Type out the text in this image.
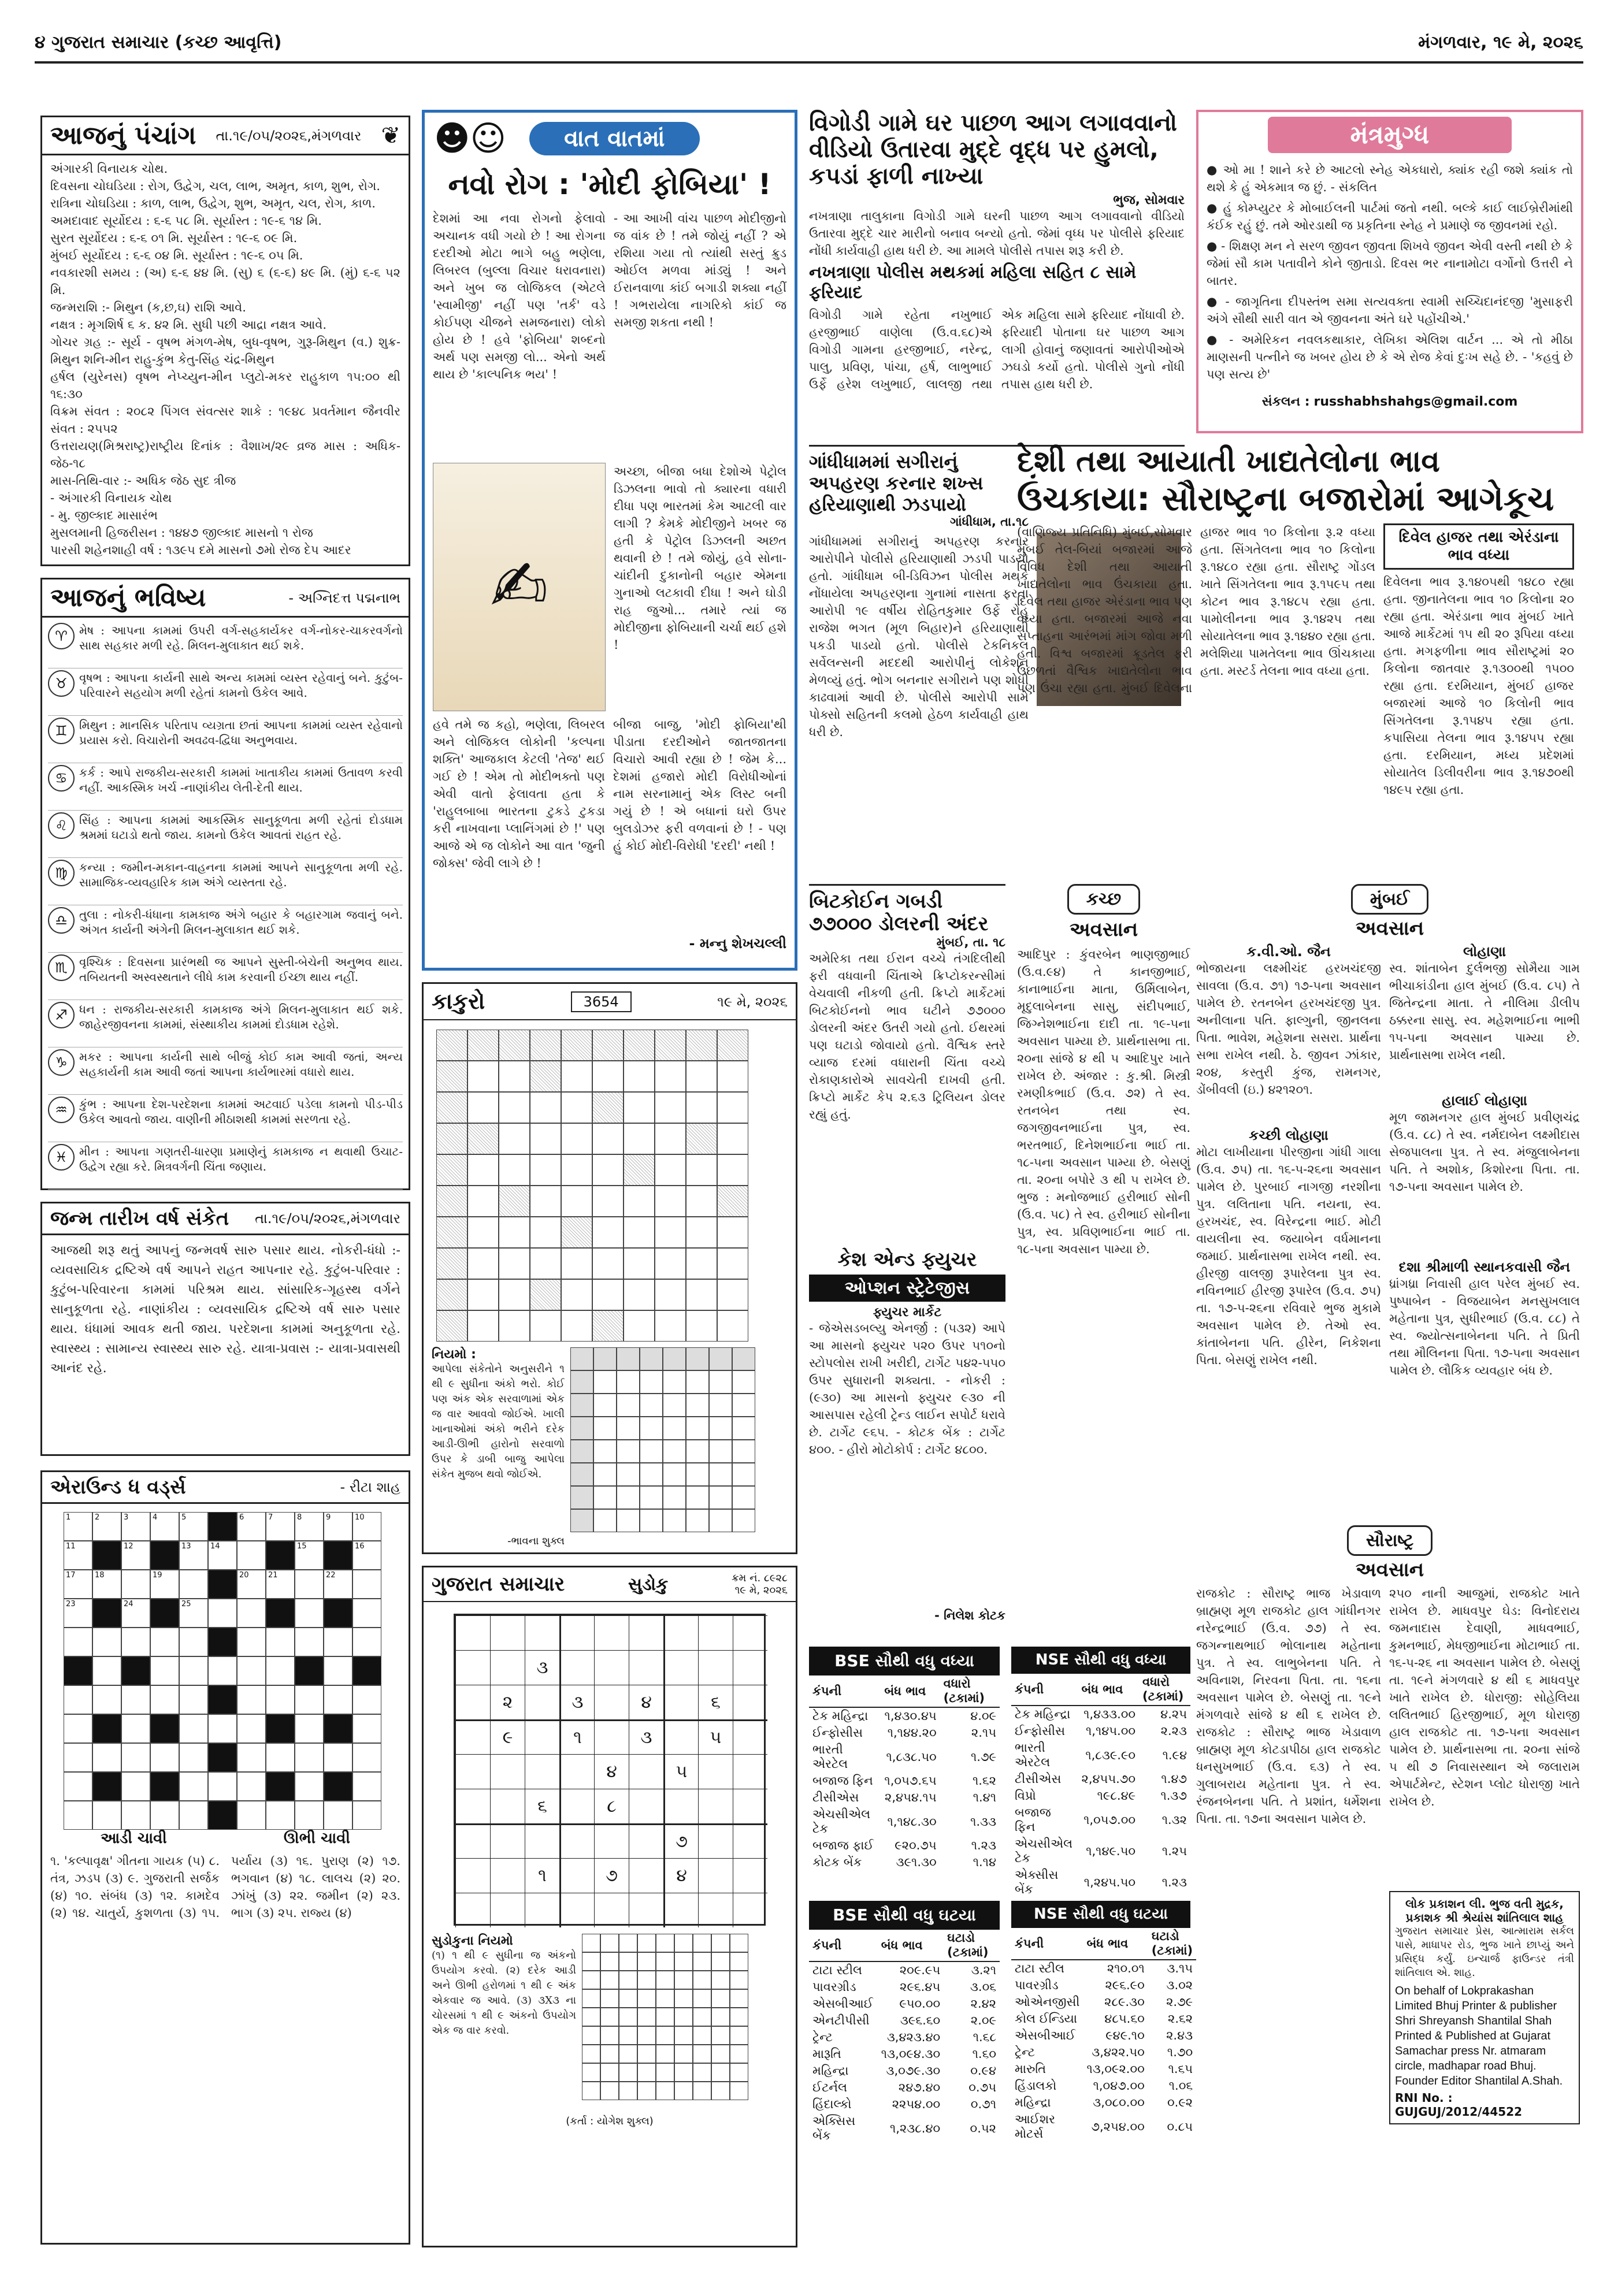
૪ ગુજરાત સમાચાર (કચ્છ આવૃત્તિ)	મંગળવાર, ૧૯ મે, ૨૦૨૬
આજનું પંચાંગ તા.૧૯/૦૫/૨૦૨૬,મંગળવાર ❦
અંગારકી વિનાયક ચોથ.
દિવસના ચોઘડિયા : રોગ, ઉદ્વેગ, ચલ, લાભ, અમૃત, કાળ, શુભ, રોગ.
રાત્રિના ચોઘડિયા : કાળ, લાભ, ઉદ્વેગ, શુભ, અમૃત, ચલ, રોગ, કાળ.
અમદાવાદ સૂર્યોદય : ૬-૬ ૫૮ મિ. સૂર્યાસ્ત : ૧૯-૬ ૧૪ મિ.
સુરત સૂર્યોદય : ૬-૬ ૦૧ મિ. સૂર્યાસ્ત : ૧૯-૬ ૦૯ મિ.
મુંબઈ સૂર્યોદય : ૬-૬ ૦૪ મિ. સૂર્યાસ્ત : ૧૯-૬ ૦૫ મિ.
નવકારશી સમય : (અ) ૬-૬ ૪૪ મિ. (સુ) ૬ (૬-૬) ૪૯ મિ. (મું) ૬-૬ ૫૨ મિ.
જન્મરાશિ :- મિથુન (ક,છ,ઘ) રાશિ આવે.
નક્ષત્ર : મૃગશિર્ષ ૬ ક. ૪૨ મિ. સુધી પછી આદ્રા નક્ષત્ર આવે.
ગોચર ગ્રહ :- સૂર્ય - વૃષભ મંગળ-મેષ, બુધ-વૃષભ, ગુરૂ-મિથુન (વ.) શુક્ર-મિથુન શનિ-મીન રાહુ-કુંભ કેતુ-સિંહ ચંદ્ર-મિથુન
હર્ષલ (યુરેનસ) વૃષભ નેપ્ચ્યુન-મીન પ્લુટો-મકર રાહુકાળ ૧૫:૦૦ થી ૧૬:૩૦
વિક્રમ સંવત : ૨૦૮૨ પિંગલ સંવત્સર શાકે : ૧૯૪૮ પ્રવર્તમાન જૈનવીર સંવત : ૨૫૫૨
ઉત્તરાયણ(મિશ્રરાષ્ટ્ર)રાષ્ટ્રીય દિનાંક : વૈશાખ/૨૯ વ્રજ માસ : અધિક-જેઠ-૧૮
માસ-તિથિ-વાર :- અધિક જેઠ સુદ ત્રીજ
- અંગારકી વિનાયક ચોથ
- મુ. જીલ્કાદ માસારંભ
મુસલમાની હિજરીસન : ૧૪૪૭ જીલ્કાદ માસનો ૧ રોજ
પારસી શહેનશાહી વર્ષ : ૧૩૯૫ દમે માસનો ૭મો રોજ દેપ આદર
આજનું ભવિષ્ય	- અગ્નિદત્ત પદ્મનાભ
♈	મેષ : આપના કામમાં ઉપરી વર્ગ-સહકાર્યકર વર્ગ-નોકર-ચાકરવર્ગનો સાથ સહકાર મળી રહે. મિલન-મુલાકાત થઈ શકે.
♉	વૃષભ : આપના કાર્યની સાથે અન્ય કામમાં વ્યસ્ત રહેવાનું બને. કુટુંબ-પરિવારને સહયોગ મળી રહેતાં કામનો ઉકેલ આવે.
♊	મિથુન : માનસિક પરિતાપ વ્યગ્રતા છતાં આપના કામમાં વ્યસ્ત રહેવાનો પ્રયાસ કરો. વિચારોની અવઢવ-દ્વિધા અનુભવાય.
♋	કર્ક : આપે રાજકીય-સરકારી કામમાં ખાતાકીય કામમાં ઉતાવળ કરવી નહીં. આકસ્મિક ખર્ચ -નાણાંકીય લેતી-દેતી થાય.
♌	સિંહ : આપના કામમાં આકસ્મિક સાનુકૂળતા મળી રહેતાં દોડધામ શ્રમમાં ઘટાડો થતો જાય. કામનો ઉકેલ આવતાં રાહત રહે.
♍	કન્યા : જમીન-મકાન-વાહનના કામમાં આપને સાનુકૂળતા મળી રહે. સામાજિક-વ્યવહારિક કામ અંગે વ્યસ્તતા રહે.
♎	તુલા : નોકરી-ધંધાના કામકાજ અંગે બહાર કે બહારગામ જવાનું બને. અંગત કાર્યની અંગેની મિલન-મુલાકાત થઈ શકે.
♏	વૃશ્ચિક : દિવસના પ્રારંભથી જ આપને સુસ્તી-બેચેની અનુભવ થાય. તબિયતની અસ્વસ્થતાને લીધે કામ કરવાની ઈચ્છા થાય નહીં.
♐	ધન : રાજકીય-સરકારી કામકાજ અંગે મિલન-મુલાકાત થઈ શકે. જાહેરજીવનના કામમાં, સંસ્થાકીય કામમાં દોડધામ રહેશે.
♑	મકર : આપના કાર્યની સાથે બીજું કોઈ કામ આવી જતાં, અન્ય સહકાર્યની કામ આવી જતાં આપના કાર્યભારમાં વધારો થાય.
♒	કુંભ : આપના દેશ-પરદેશના કામમાં અટવાઈ પડેલા કામનો પીડ-પીડ ઉકેલ આવતો જાય. વાણીની મીઠાશથી કામમાં સરળતા રહે.
♓	મીન : આપના ગણતરી-ધારણા પ્રમાણેનું કામકાજ ન થવાથી ઉચાટ-ઉદ્વેગ રહ્યા કરે. મિત્રવર્ગની ચિંતા જણાય.
જન્મ તારીખ વર્ષ સંકેત તા.૧૯/૦૫/૨૦૨૬,મંગળવાર
આજથી શરૂ થતું આપનું જન્મવર્ષ સારુ પસાર થાય. નોકરી-ધંધો :- વ્યવસાયિક દ્રષ્ટિએ વર્ષ આપને રાહત આપનાર રહે. કુટુંબ-પરિવાર : કુટુંબ-પરિવારના કામમાં પરિશ્રમ થાય. સાંસારિક-ગૃહસ્થ વર્ગને સાનુકૂળતા રહે. નાણાંકીય : વ્યવસાયિક દ્રષ્ટિએ વર્ષ સારુ પસાર થાય. ધંધામાં આવક થતી જાય. પરદેશના કામમાં અનુકૂળતા રહે. સ્વાસ્થ્ય : સામાન્ય સ્વાસ્થ્ય સારુ રહે. યાત્રા-પ્રવાસ :- યાત્રા-પ્રવાસથી આનંદ રહે.
એરાઉન્ડ ધ વર્ડ્સ	- રીટા શાહ
1	2	3	4	5	6	7	8	9	10
11	12	13	14	15	16
17	18	19	20	21	22
23	24	25
આડી ચાવી	ઊભી ચાવી
૧. 'કલ્પાવૃક્ષ' ગીતના ગાયક (૫) ૮. તંત્ર, ઝડપ (૩) ૯. ગુજરાતી સર્જક (૪) ૧૦. સંબંધ (૩) ૧૨. કામદેવ (૨) ૧૪. ચાતુર્ય, કુશળતા (૩) ૧૫. પર્યાય (૩) ૧૬. પુરાણ (૨) ૧૭. ભગવાન (૪) ૧૮. લાલચ (૨) ૨૦. ઝાંખું (૩) ૨૨. જમીન (૨) ૨૩. ભાગ (૩) ૨૫. રાજ્ય (૪)
☻☺	વાત વાતમાં
નવો રોગ : 'મોદી ફોબિયા' !
દેશમાં આ નવા રોગનો ફેલાવો અચાનક વધી ગયો છે ! આ રોગના દરદીઓ મોટા ભાગે બહુ ભણેલા, લિબરલ (બુલ્લા વિચાર ધરાવનારા) અને ખુબ જ લોજિકલ (એટલે 'સ્વામીજી' નહીં પણ 'તર્ક' વડે કોઈપણ ચીજને સમજનારા) લોકો હોય છે ! હવે 'ફોબિયા' શબ્દનો અર્થ પણ સમજી લો... એનો અર્થ થાય છે 'કાલ્પનિક ભય' !
- આ આખી વાંચ પાછળ મોદીજીનો જ વાંક છે ! તમે જોયું નહીં ? એ રશિયા ગયા તો ત્યાંથી સસ્તું ક્રુડ ઓઈલ મળવા માંડ્યું ! અને ઈરાનવાળા કાંઈ બગાડી શક્યા નહીં ! ગભરાયેલા નાગરિકો કાંઈ જ સમજી શકતા નથી !
✍
અચ્છા, બીજા બધા દેશોએ પેટ્રોલ ડિઝલના ભાવો તો ક્યારના વધારી દીધા પણ ભારતમાં કેમ આટલી વાર લાગી ? કેમકે મોદીજીને ખબર જ હતી કે પેટ્રોલ ડિઝલની અછત થવાની છે ! તમે જોયું, હવે સોના-ચાંદીની દુકાનોની બહાર એમના ગુનાઓ લટકાવી દીધા ! અને ઘોડી રાહ જુઓ... તમારે ત્યાં જ મોદીજીના ફોબિયાની ચર્ચા થઈ હશે !
હવે તમે જ કહો, ભણેલા, લિબરલ અને લોજિકલ લોકોની 'કલ્પના શક્તિ' આજકાલ કેટલી 'તેજ' થઈ ગઈ છે ! એમ તો મોદીભક્તો પણ એવી વાતો ફેલાવતા હતા કે 'રાહુલબાબા ભારતના ટુકડે ટુકડા કરી નાખવાના પ્લાનિંગમાં છે !' પણ આજે એ જ લોકોને આ વાત 'જુની જોક્સ' જેવી લાગે છે !
બીજા બાજુ, 'મોદી ફોબિયા'થી પીડાતા દરદીઓને જાતજાતના વિચારો આવી રહ્યા છે ! જેમ કે... દેશમાં હજારો મોદી વિરોધીઓનાં નામ સરનામાનું એક લિસ્ટ બની ગયું છે ! એ બધાનાં ઘરો ઉપર બુલડોઝર ફરી વળવાનાં છે ! - પણ હું કોઈ મોદી-વિરોધી 'દરદી' નથી !
- મન્નુ શેખચલ્લી
કાકુરો	3654	૧૯ મે, ૨૦૨૬
નિયમો :
આપેલા સંકેતોને અનુસરીને ૧ થી ૯ સુધીના અંકો ભરો. કોઈ પણ અંક એક સરવાળામાં એક જ વાર આવવો જોઈએ. ખાલી ખાનાઓમાં અંકો ભરીને દરેક આડી-ઊભી હારોનો સરવાળો ઉપર કે ડાબી બાજુ આપેલા સંકેત મુજબ થવો જોઈએ.
-ભાવના શુક્લ
ગુજરાત સમાચાર	સુડોકુ	ક્રમ નં. ૮૯૨૮
૧૯ મે, ૨૦૨૬
૩
૨	૩	૪	૬
૯	૧	૩	૫
૪	૫
૬	૮
૭
૧	૭	૪
સુડોકુના નિયમો
(૧) ૧ થી ૯ સુધીના જ અંકનો ઉપયોગ કરવો. (૨) દરેક આડી અને ઊભી હરોળમાં ૧ થી ૯ અંક એકવાર જ આવે. (૩) ૩X૩ ના ચોરસમાં ૧ થી ૯ અંકનો ઉપયોગ એક જ વાર કરવો.
(કર્તા : યોગેશ શુક્લ)
વિગોડી ગામે ઘર પાછળ આગ લગાવવાનો વીડિયો ઉતારવા મુદ્દે વૃદ્ધ પર હુમલો, કપડાં ફાળી નાખ્યા
ભુજ, સોમવાર
નખત્રાણા તાલુકાના વિગોડી ગામે ઘરની પાછળ આગ લગાવવાનો વીડિયો ઉતારવા મુદ્દે ચાર મારીનો બનાવ બન્યો હતો. જેમાં વૃધ્ધ પર પોલીસે ફરિયાદ નોંધી કાર્યવાહી હાથ ધરી છે. આ મામલે પોલીસે તપાસ શરૂ કરી છે.
નખત્રાણા પોલીસ મથકમાં મહિલા સહિત ૮ સામે ફરિયાદ
વિગોડી ગામે રહેતા નખુભાઈ હરજીભાઈ વાણેલા (ઉ.વ.૬૮)એ વિગોડી ગામના હરજીભાઈ, નરેન્દ્ર, પાલુ, પ્રવિણ, પાંચા, હર્ષ, લાભુભાઈ ઉર્ફે હરેશ લખુભાઈ, લાલજી તથા એક મહિલા સામે ફરિયાદ નોંધાવી છે. ફરિયાદી પોતાના ઘર પાછળ આગ લાગી હોવાનું જણાવતાં આરોપીઓએ ઝઘડો કર્યો હતો. પોલીસે ગુનો નોંધી તપાસ હાથ ધરી છે.
ગાંધીધામમાં સગીરાનું અપહરણ કરનાર શખ્સ હરિયાણાથી ઝડપાયો
ગાંધીધામ, તા.૧૮
ગાંધીધામમાં સગીરાનું અપહરણ કરનાર આરોપીને પોલીસે હરિયાણાથી ઝડપી પાડયો હતો. ગાંધીધામ બી-ડિવિઝન પોલીસ મથકે નોંધાયેલા અપહરણના ગુનામાં નાસતા ફરતા આરોપી ૧૯ વર્ષીય રોહિતકુમાર ઉર્ફે રોહુ રાજેશ ભગત (મૂળ બિહાર)ને હરિયાણાથી પકડી પાડયો હતો. પોલીસે ટેકનિકલ સર્વેલન્સની મદદથી આરોપીનું લોકેશન મેળવ્યું હતું. ભોગ બનનાર સગીરાને પણ શોધી કાઢવામાં આવી છે. પોલીસે આરોપી સામે પોક્સો સહિતની કલમો હેઠળ કાર્યવાહી હાથ ધરી છે.
બિટકોઈન ગબડી ૭૭૦૦૦ ડોલરની અંદર
મુંબઈ, તા. ૧૮
અમેરિકા તથા ઈરાન વચ્ચે તંગદિલીથી ફરી વધવાની ચિંતાએ ક્રિપ્ટોકરન્સીમાં વેચવાલી નીકળી હતી. ક્રિપ્ટો માર્કેટમાં બિટકોઈનનો ભાવ ઘટીને ૭૭૦૦૦ ડોલરની અંદર ઉતરી ગયો હતો. ઈથરમાં પણ ઘટાડો જોવાયો હતો. વૈશ્વિક સ્તરે વ્યાજ દરમાં વધારાની ચિંતા વચ્ચે રોકાણકારોએ સાવચેતી દાખવી હતી. ક્રિપ્ટો માર્કેટ કેપ ૨.૬૩ ટ્રિલિયન ડોલર રહ્યું હતું.
કેશ એન્ડ ફ્યુચર
ઓપ્શન સ્ટ્રેટેજીસ
ફ્યુચર માર્કેટ
- જેએસડબલ્યુ એનર્જી : (૫૩૨) આપે આ માસનો ફ્યુચર ૫૨૦ ઉપર ૫૧૦નો સ્ટોપલોસ રાખી ખરીદી, ટાર્ગેટ ૫૪૨-૫૫૦ ઉપર સુધારાની શક્યતા. - નોકરી : (૯૩૦) આ માસનો ફ્યુચર ૯૩૦ ની આસપાસ રહેલી ટ્રેન્ડ લાઈન સપોર્ટ ધરાવે છે. ટાર્ગેટ ૯૬૫. - કોટક બેંક : ટાર્ગેટ ૪૦૦. - હીરો મોટોકોર્પ : ટાર્ગેટ ૪૮૦૦.
- નિલેશ કોટક
કચ્છ
અવસાન
આદિપુર : કુંવરબેન ભાણજીભાઈ (ઉ.વ.૯૪) તે કાનજીભાઈ, કાનાભાઈના માતા, ઉર્મિલાબેન, મૃદુલાબેનના સાસુ, સંદીપભાઈ, જિગ્નેશભાઈના દાદી તા. ૧૯-૫ના અવસાન પામ્યા છે. પ્રાર્થનાસભા તા. ૨૦ના સાંજે ૪ થી ૫ આદિપુર ખાતે રાખેલ છે. અંજાર : કુ.શ્રી. મિસ્ત્રી રમણીકભાઈ (ઉ.વ. ૭૨) તે સ્વ. રતનબેન તથા સ્વ. જગજીવનભાઈના પુત્ર, સ્વ. ભરતભાઈ, દિનેશભાઈના ભાઈ તા. ૧૮-૫ના અવસાન પામ્યા છે. બેસણું તા. ૨૦ના બપોરે ૩ થી ૫ રાખેલ છે. ભુજ : મનોજભાઈ હરીભાઈ સોની (ઉ.વ. ૫૮) તે સ્વ. હરીભાઈ સોનીના પુત્ર, સ્વ. પ્રવિણભાઈના ભાઈ તા. ૧૮-૫ના અવસાન પામ્યા છે.
BSE સૌથી વધુ વધ્યા
કંપની	બંધ ભાવ	વધારો (ટકામાં)
ટેક મહિન્દ્રા	૧,૪૩૦.૪૫	૪.૦૯
ઈન્ફોસીસ	૧,૧૪૪.૨૦	૨.૧૫
ભારતી એરટેલ	૧,૮૩૮.૫૦	૧.૭૯
બજાજ ફિન	૧,૦૫૭.૬૫	૧.૬૨
ટીસીએસ	૨,૪૫૪.૧૫	૧.૪૧
એચસીએલ ટેક	૧,૧૪૮.૩૦	૧.૩૩
બજાજ ફાઈ	૯૨૦.૭૫	૧.૨૩
કોટક બેંક	૩૯૧.૩૦	૧.૧૪
BSE સૌથી વધુ ઘટયા
કંપની	બંધ ભાવ	ઘટાડો (ટકામાં)
ટાટા સ્ટીલ	૨૦૯.૯૫	૩.૨૧
પાવરગ્રીડ	૨૯૬.૪૫	૩.૦૬
એસબીઆઈ	૯૫૦.૦૦	૨.૪૨
એનટીપીસી	૩૯૬.૬૦	૨.૦૯
ટ્રેન્ટ	૩,૪૨૩.૪૦	૧.૬૮
મારૂતિ	૧૩,૦૯૪.૩૦	૧.૬૦
મહિન્દ્રા	૩,૦૭૯.૩૦	૦.૯૪
ઈટર્નલ	૨૪૭.૪૦	૦.૭૫
હિંદાલ્કો	૨૨૫૪.૦૦	૦.૭૧
એક્સિસ બેંક	૧,૨૩૮.૪૦	૦.૫૨
NSE સૌથી વધુ વધ્યા
કંપની	બંધ ભાવ	વધારો (ટકામાં)
ટેક મહિન્દ્રા	૧,૪૩૩.૦૦	૪.૨૫
ઈન્ફોસીસ	૧,૧૪૫.૦૦	૨.૨૩
ભારતી એરટેલ	૧,૮૩૯.૯૦	૧.૯૪
ટીસીએસ	૨,૪૫૫.૭૦	૧.૪૭
વિપ્રો	૧૯૮.૪૯	૧.૩૭
બજાજ ફિન	૧,૦૫૭.૦૦	૧.૩૨
એચસીએલ ટેક	૧,૧૪૯.૫૦	૧.૨૫
એક્સીસ બેંક	૧,૨૪૫.૫૦	૧.૨૩
NSE સૌથી વધુ ઘટયા
કંપની	બંધ ભાવ	ઘટાડો (ટકામાં)
ટાટા સ્ટીલ	૨૧૦.૦૧	૩.૧૫
પાવરગ્રીડ	૨૯૬.૯૦	૩.૦૨
ઓએનજીસી	૨૮૯.૩૦	૨.૭૯
કોલ ઈન્ડિયા	૪૮૫.૬૦	૨.૬૨
એસબીઆઈ	૯૪૯.૧૦	૨.૪૩
ટ્રેન્ટ	૩,૪૨૨.૫૦	૧.૭૦
મારુતિ	૧૩,૦૯૨.૦૦	૧.૬૫
હિંડાલકો	૧,૦૪૭.૦૦	૧.૦૬
મહિન્દ્રા	૩,૦૮૦.૦૦	૦.૯૨
આઈશર મોટર્સ	૭,૨૫૪.૦૦	૦.૮૫
મંત્રમુગ્ધ
● ઓ મા ! શાને કરે છે આટલો સ્નેહ એકધારો, ક્યાંક રહી જશે ક્યાંક તો થશે કે હું એકમાત્ર જ છું. - સંકલિત
● હું કોમ્પ્યુટર કે મોબાઈલની પાર્ટમાં જતો નથી. બલ્કે કાઈ લાઈબ્રેરીમાંથી કંઈક રહું છું. તમે ઓરડાથી જ પ્રકૃતિના સ્નેહ ને પ્રમાણે જ જીવનમાં રહો.
● - શિક્ષણ મન ને સરળ જીવન જીવતા શિખવે જીવન એવી વસ્તી નથી છે કે જેમાં સૌ કામ પતાવીને કોને જીતાડો. દિવસ ભર નાનામોટા વર્ગોનો ઉત્તરી ને બાતર.
● - જાગૃતિના દીપસ્તંભ સમા સત્યવક્તા સ્વામી સચ્ચિદાનંદજી 'મુસાફરી અંગે સૌથી સારી વાત એ જીવનના અંતે ઘરે પહોંચીએ.'
● - અમેરિકન નવલકથાકાર, લેખિકા એલિશ વાર્ટન ... એ તો મીઠા માણસની પત્નીને જ ખબર હોય છે કે એ રોજ કેવાં દુઃખ સહે છે. - 'કહવું છે પણ સત્ય છે'
સંકલન : russhabhshahgs@gmail.com
દેશી તથા આયાતી ખાદ્યતેલોના ભાવ
ઉંચકાયા: સૌરાષ્ટ્રના બજારોમાં આગેકૂચ
(વાણિજ્ય પ્રતિનિધિ) મુંબઈ,સોમવાર મુંબઈ તેલ-બિયાં બજારમાં આજે વિવિધ દેશી તથા આયાતી ખાદ્યતેલોના ભાવ ઉંચકાયા હતા. દિવેલ તથા હાજર એરંડાના ભાવ પણ વધ્યા હતા. બજારમાં આજે નવા સપ્તાહના આરંભમાં માંગ જોવા મળી હતી. વિશ્વ બજારમાં ક્રૂડતેલ ફરી ઉછળતાં વૈશ્વિક ખાદ્યતેલોના ભાવ પણ ઉંચા રહ્યા હતા. મુંબઈ દિવેલના હાજર ભાવ ૧૦ કિલોના રૂ.૨ વધ્યા હતા. સિંગતેલના ભાવ ૧૦ કિલોના રૂ.૧૪૮૦ રહ્યા હતા. સૌરાષ્ટ્ર ગોંડલ ખાતે સિંગતેલના ભાવ રૂ.૧૫૯૫ તથા કોટન ભાવ રૂ.૧૪૮૫ રહ્યા હતા. પામોલીનના ભાવ રૂ.૧૪૨૫ તથા સોયાતેલના ભાવ રૂ.૧૪૪૦ રહ્યા હતા. મલેશિયા પામતેલના ભાવ ઊંચકાયા હતા. મસ્ટર્ડ તેલના ભાવ વધ્યા હતા.
દિવેલ હાજર તથા એરંડાના ભાવ વધ્યા
દિવેલના ભાવ રૂ.૧૪૦૫થી ૧૪૮૦ રહ્યા હતા. જીનાતેલના ભાવ ૧૦ કિલોના ૨૦ રહ્યા હતા. એરંડાના ભાવ મુંબઈ ખાતે આજે માર્કેટમાં ૧૫ થી ૨૦ રૂપિયા વધ્યા હતા. મગફળીના ભાવ સૌરાષ્ટ્રમાં ૨૦ કિલોના જાતવાર રૂ.૧૩૦૦થી ૧૫૦૦ રહ્યા હતા. દરમિયાન, મુંબઈ હાજર બજારમાં આજે ૧૦ કિલોની ભાવ સિંગતેલના રૂ.૧૫૪૫ રહ્યા હતા. કપાસિયા તેલના ભાવ રૂ.૧૪૫૫ રહ્યા હતા. દરમિયાન, મધ્ય પ્રદેશમાં સોયાતેલ ડિલીવરીના ભાવ રૂ.૧૪૭૦થી ૧૪૯૫ રહ્યા હતા.
મુંબઈ
અવસાન
ક.વી.ઓ. જૈન
ભોજાયના લક્ષ્મીચંદ હરખચંદજી સાવલા (ઉ.વ. ૭૧) ૧૭-૫ના અવસાન પામેલ છે. રતનબેન હરખચંદજી પુત્ર. અનીલાના પતિ. ફાલ્ગુની, જીનલના પિતા. ભાવેશ, મહેશના સસરા. પ્રાર્થના સભા રાખેલ નથી. ઠે. જીવન ઝાંકાર, ૨૦૪, કસ્તુરી કુંજ, રામનગર, ડોંબીવલી (ઇ.) ૪૨૧૨૦૧.
કચ્છી લોહાણા
મોટા લાખીયાના પીરજીના ગાંધી ગાલા (ઉ.વ. ૭૫) તા. ૧૬-૫-૨૬ના અવસાન પામેલ છે. પુરબાઈ નાગજી નરશીના પુત્ર. લલિતાના પતિ. નયના, સ્વ. હરખચંદ, સ્વ. વિરેન્દ્રના ભાઈ. મોટી વાયલીના સ્વ. જયાબેન વર્ધમાનના જમાઈ. પ્રાર્થનાસભા રાખેલ નથી. સ્વ. હીરજી વાલજી રૂપારેલના પુત્ર સ્વ. નવિનભાઈ હીરજી રૂપારેલ (ઉ.વ. ૭૫) તા. ૧૭-૫-૨૬ના રવિવારે ભુજ મુકામે અવસાન પામેલ છે. તેઓ સ્વ. કાંતાબેનના પતિ. હીરેન, નિકેશના પિતા. બેસણું રાખેલ નથી.
લોહાણા
સ્વ. શાંતાબેન દુર્લભજી સોમૈયા ગામ ભીચાકાંડીના હાલ મુંબઈ (ઉ.વ. ૮૫) તે જિતેન્દ્રના માતા. તે નીલિમા ડીલીપ ઠક્કરના સાસુ. સ્વ. મહેશભાઈના ભાભી ૧૫-૫ના અવસાન પામ્યા છે. પ્રાર્થનાસભા રાખેલ નથી.
હાલાઈ લોહાણા
મૂળ જામનગર હાલ મુંબઈ પ્રવીણચંદ્ર (ઉ.વ. ૮૮) તે સ્વ. નર્મદાબેન લક્ષ્મીદાસ સેજપાલના પુત્ર. તે સ્વ. મંજુલાબેનના પતિ. તે અશોક, કિશોરના પિતા. તા. ૧૭-૫ના અવસાન પામેલ છે.
દશા શ્રીમાળી સ્થાનકવાસી જૈન
ધ્રાંગધ્રા નિવાસી હાલ પરેલ મુંબઈ સ્વ. પુષ્પાબેન - વિજયાબેન મનસુખલાલ મહેતાના પુત્ર, સુધીરભાઈ (ઉ.વ. ૮૮) તે સ્વ. જ્યોત્સનાબેનના પતિ. તે પ્રિતી તથા મૌલિનના પિતા. ૧૭-૫ના અવસાન પામેલ છે. લૌકિક વ્યવહાર બંધ છે.
સૌરાષ્ટ્ર
અવસાન
રાજકોટ : સૌરાષ્ટ્ર ભાજ ખેડાવાળ બ્રાહ્મણ મૂળ રાજકોટ હાલ ગાંધીનગર નરેન્દ્રભાઈ (ઉ.વ. ૭૭) તે સ્વ. જગન્નાથભાઈ ભોલાનાથ મહેતાના પુત્ર. તે સ્વ. લાભુબેનના પતિ. તે અવિનાશ, નિરવના પિતા. તા. ૧૬ના અવસાન પામેલ છે. બેસણું તા. ૧૯ને મંગળવારે સાંજે ૪ થી ૬ રાખેલ છે. રાજકોટ : સૌરાષ્ટ્ર ભાજ ખેડાવાળ બ્રાહ્મણ મૂળ કોટડાપીઠા હાલ રાજકોટ ધનસુખભાઈ (ઉ.વ. ૬૩) તે સ્વ. ગુલાબરાય મહેતાના પુત્ર. તે સ્વ. રંજનબેનના પતિ. તે પ્રશાંત, ધર્મેશના પિતા. તા. ૧૭ના અવસાન પામેલ છે.
૨૫૦ નાની આજુમાં, રાજકોટ ખાતે રાખેલ છે. માધવપુર ઘેડ: વિનોદરાય જમનાદાસ દેવાણી, માધવભાઈ, કુમનભાઈ, મેધજીભાઈના મોટાભાઈ તા. ૧૬-૫-૨૬ ના અવસાન પામેલ છે. બેસણું તા. ૧૯ને મંગળવારે ૪ થી ૬ માધવપુર ખાતે રાખેલ છે. ધોરાજી: સોહેલિયા લલિતભાઈ હિરજીભાઈ, મૂળ ધોરાજી હાલ રાજકોટ તા. ૧૭-૫ના અવસાન પામેલ છે. પ્રાર્થનાસભા તા. ૨૦ના સાંજે ૫ થી ૭ નિવાસસ્થાન એ જલારામ એપાર્ટમેન્ટ, સ્ટેશન પ્લોટ ધોરાજી ખાતે રાખેલ છે.
લોક પ્રકાશન લી. ભુજ વતી મુદ્રક, પ્રકાશક શ્રી શ્રેયાંસ શાંતિલાલ શાહ
ગુજરાત સમાચાર પ્રેસ, આત્મારામ સર્કલ પાસે, માધાપર રોડ, ભુજ ખાતે છાપ્યું અને પ્રસિદ્ધ કર્યું. ઇન્ચાર્જ ફાઉન્ડર તંત્રી શાંતિલાલ એ. શાહ.
On behalf of Lokprakashan Limited Bhuj Printer & publisher Shri Shreyansh Shantilal Shah Printed & Published at Gujarat Samachar press Nr. atmaram circle, madhapar road Bhuj. Founder Editor Shantilal A.Shah.
RNI No. : GUJGUJ/2012/44522
